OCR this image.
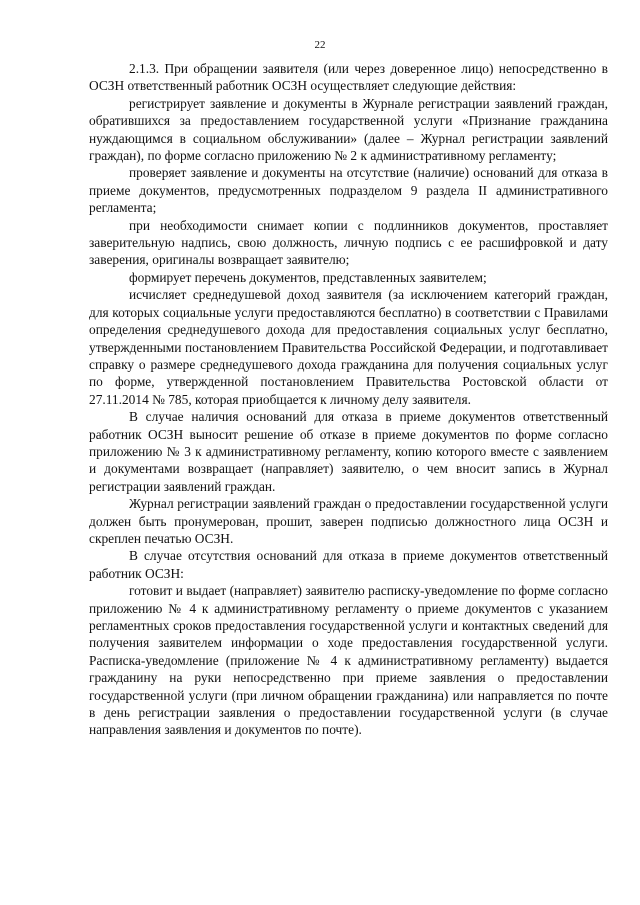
22

2.1.3. При обращении заявителя (или через доверенное лицо) непосредственно в ОСЗН ответственный работник ОСЗН осуществляет следующие действия:

регистрирует заявление и документы в Журнале регистрации заявлений граждан, обратившихся за предоставлением государственной услуги «Признание гражданина нуждающимся в социальном обслуживании» (далее – Журнал регистрации заявлений граждан), по форме согласно приложению № 2 к административному регламенту;

проверяет заявление и документы на отсутствие (наличие) оснований для отказа в приеме документов, предусмотренных подразделом 9 раздела II административного регламента;

при необходимости снимает копии с подлинников документов, проставляет заверительную надпись, свою должность, личную подпись с ее расшифровкой и дату заверения, оригиналы возвращает заявителю;

формирует перечень документов, представленных заявителем;

исчисляет среднедушевой доход заявителя (за исключением категорий граждан, для которых социальные услуги предоставляются бесплатно) в соответствии с Правилами определения среднедушевого дохода для предоставления социальных услуг бесплатно, утвержденными постановлением Правительства Российской Федерации, и подготавливает справку о размере среднедушевого дохода гражданина для получения социальных услуг по форме, утвержденной постановлением Правительства Ростовской области от 27.11.2014 № 785, которая приобщается к личному делу заявителя.

В случае наличия оснований для отказа в приеме документов ответственный работник ОСЗН выносит решение об отказе в приеме документов по форме согласно приложению № 3 к административному регламенту, копию которого вместе с заявлением и документами возвращает (направляет) заявителю, о чем вносит запись в Журнал регистрации заявлений граждан.

Журнал регистрации заявлений граждан о предоставлении государственной услуги должен быть пронумерован, прошит, заверен подписью должностного лица ОСЗН и скреплен печатью ОСЗН.

В случае отсутствия оснований для отказа в приеме документов ответственный работник ОСЗН:

готовит и выдает (направляет) заявителю расписку-уведомление по форме согласно приложению № 4 к административному регламенту о приеме документов с указанием регламентных сроков предоставления государственной услуги и контактных сведений для получения заявителем информации о ходе предоставления государственной услуги. Расписка-уведомление (приложение № 4 к административному регламенту) выдается гражданину на руки непосредственно при приеме заявления о предоставлении государственной услуги (при личном обращении гражданина) или направляется по почте в день регистрации заявления о предоставлении государственной услуги (в случае направления заявления и документов по почте).
